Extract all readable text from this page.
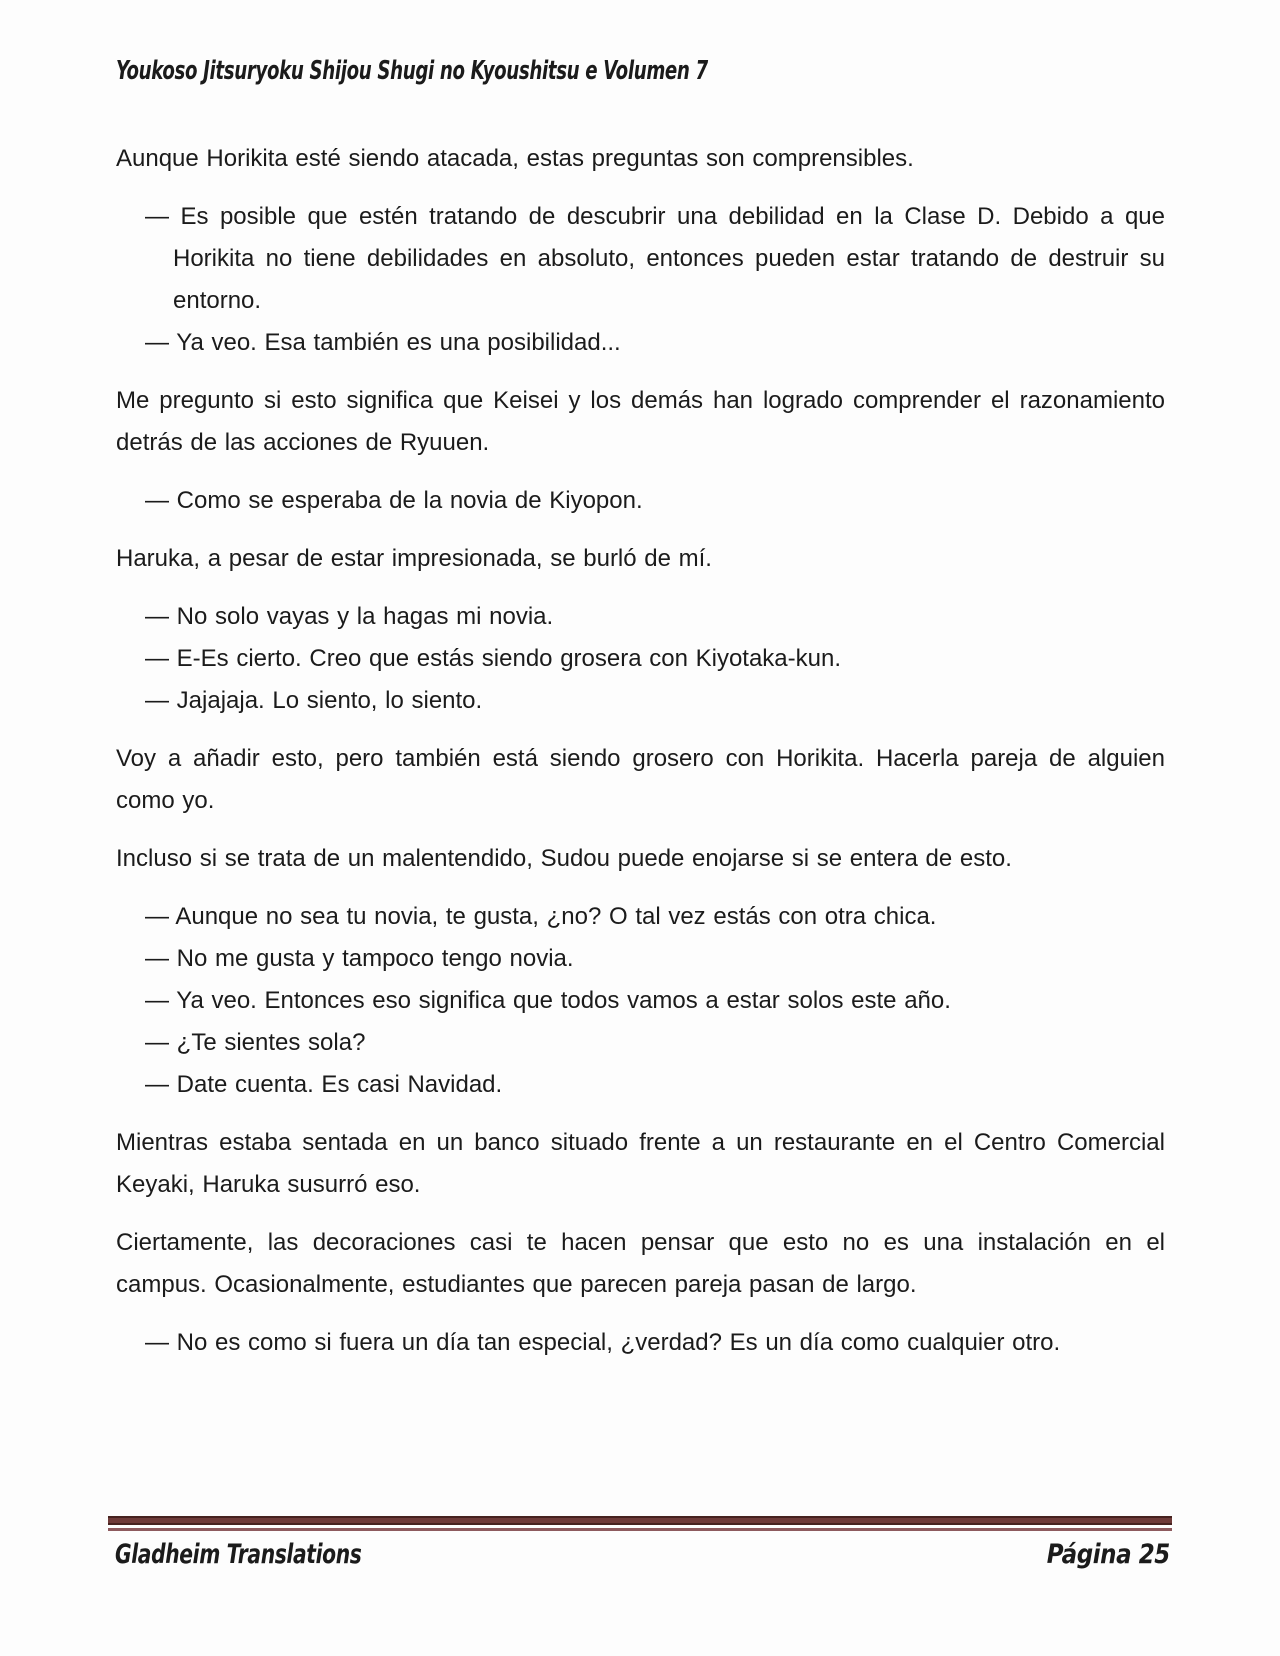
Youkoso Jitsuryoku Shijou Shugi no Kyoushitsu e Volumen 7

Aunque Horikita esté siendo atacada, estas preguntas son comprensibles.

— Es posible que estén tratando de descubrir una debilidad en la Clase D. Debido a que Horikita no tiene debilidades en absoluto, entonces pueden estar tratando de destruir su entorno.

— Ya veo. Esa también es una posibilidad...

Me pregunto si esto significa que Keisei y los demás han logrado comprender el razonamiento detrás de las acciones de Ryuuen.

— Como se esperaba de la novia de Kiyopon.

Haruka, a pesar de estar impresionada, se burló de mí.

— No solo vayas y la hagas mi novia.

— E-Es cierto. Creo que estás siendo grosera con Kiyotaka-kun.

— Jajajaja. Lo siento, lo siento.

Voy a añadir esto, pero también está siendo grosero con Horikita. Hacerla pareja de alguien como yo.

Incluso si se trata de un malentendido, Sudou puede enojarse si se entera de esto.

— Aunque no sea tu novia, te gusta, ¿no? O tal vez estás con otra chica.

— No me gusta y tampoco tengo novia.

— Ya veo. Entonces eso significa que todos vamos a estar solos este año.

— ¿Te sientes sola?

— Date cuenta. Es casi Navidad.

Mientras estaba sentada en un banco situado frente a un restaurante en el Centro Comercial Keyaki, Haruka susurró eso.

Ciertamente, las decoraciones casi te hacen pensar que esto no es una instalación en el campus. Ocasionalmente, estudiantes que parecen pareja pasan de largo.

— No es como si fuera un día tan especial, ¿verdad? Es un día como cualquier otro.

Gladheim Translations	Página 25
